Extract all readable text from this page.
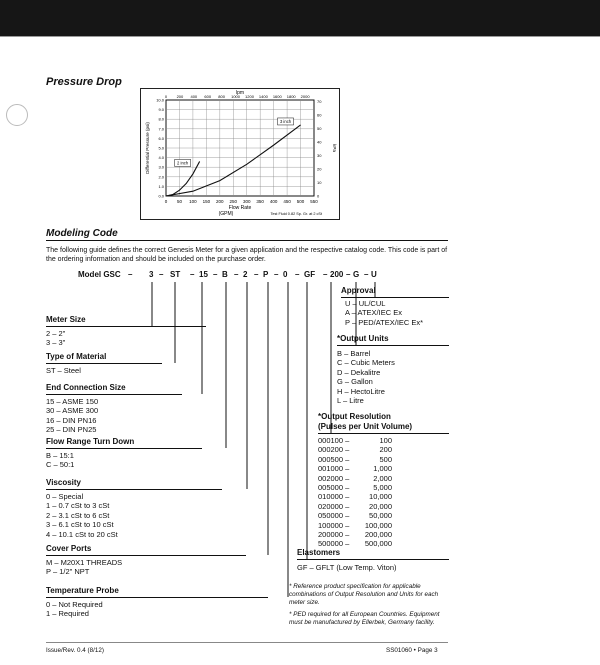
Pressure Drop
0 50 100 150 200 250 300 350 400 450 500 550
0.0
1.0
2.0
3.0
4.0
5.0
6.0
7.0
8.0
9.0
10.0
0 200 400 600 800 1000 1200 1400 1600 1800 2000
0
10
20
30
40
50
60
70
lpm
Flow Rate
(GPM)	Test Fluid 0.82 Sp. Gr. at 2 cSt
Differential Pressure (psi)	kPa
2 inch
3 inch
Modeling Code
The following guide defines the correct Genesis Meter for a given application and the respective catalog code. This code is part of the ordering information and should be included on the purchase order.
Model GSC – 3 ST 15 B 2 P 0 GF 200 G U
–	– – – – – –	– – –
Meter Size
2 – 2"
3 – 3"
Type of Material
ST – Steel
End Connection Size
15 – ASME 150
30 – ASME 300
16 – DIN PN16
25 – DIN PN25
Flow Range Turn Down
B – 15:1
C – 50:1
Viscosity
0 – Special
1 – 0.7 cSt to 3 cSt
2 – 3.1 cSt to 6 cSt
3 – 6.1 cSt to 10 cSt
4 – 10.1 cSt to 20 cSt
Cover Ports
M – M20X1 THREADS
P – 1/2" NPT
Temperature Probe
0 – Not Required
1 – Required
Approval
U – UL/CUL
A – ATEX/IEC Ex
P – PED/ATEX/IEC Ex*
*Output Units
B – Barrel
C – Cubic Meters
D – Dekalitre
G – Gallon
H – HectoLitre
L – Litre
*Output Resolution
(Pulses per Unit Volume)
000100 –	100
000200 –	200
000500 –	500
001000 –	1,000
002000 –	2,000
005000 –	5,000
010000 –	10,000
020000 –	20,000
050000 –	50,000
100000 –	100,000
200000 –	200,000
500000 –	500,000
Elastomers
GF – GFLT (Low Temp. Viton)
* Reference product specification for applicable combinations of Output Resolution and Units for each meter size.
* PED required for all European Countries. Equipment must be manufactured by Ellerbek, Germany facility.
Issue/Rev. 0.4 (8/12)	SS01060 • Page 3
